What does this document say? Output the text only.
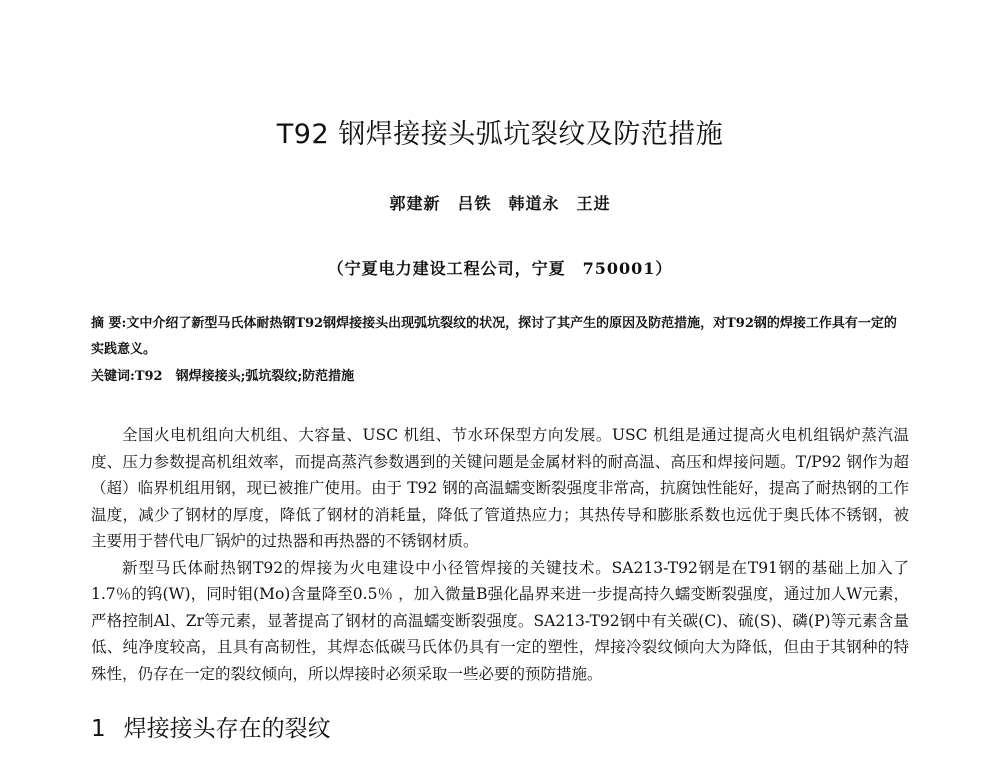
T92 钢焊接接头弧坑裂纹及防范措施
郭建新　吕铁　韩道永　王进
（宁夏电力建设工程公司，宁夏　750001）

摘 要:文中介绍了新型马氏体耐热钢T92钢焊接接头出现弧坑裂纹的状况，探讨了其产生的原因及防范措施，对T92钢的焊接工作具有一定的实践意义。

关键词:T92　钢焊接接头;弧坑裂纹;防范措施

全国火电机组向大机组、大容量、USC 机组、节水环保型方向发展。USC 机组是通过提高火电机组锅炉蒸汽温度、压力参数提高机组效率，而提高蒸汽参数遇到的关键问题是金属材料的耐高温、高压和焊接问题。T/P92 钢作为超（超）临界机组用钢，现已被推广使用。由于 T92 钢的高温蠕变断裂强度非常高，抗腐蚀性能好，提高了耐热钢的工作温度，减少了钢材的厚度，降低了钢材的消耗量，降低了管道热应力；其热传导和膨胀系数也远优于奥氏体不锈钢，被主要用于替代电厂锅炉的过热器和再热器的不锈钢材质。

新型马氏体耐热钢T92的焊接为火电建设中小径管焊接的关键技术。SA213-T92钢是在T91钢的基础上加入了1.7％的钨(W)，同时钼(Mo)含量降至0.5％ ，加入微量B强化晶界来进一步提高持久蠕变断裂强度，通过加人W元素，严格控制Al、Zr等元素，显著提高了钢材的高温蠕变断裂强度。SA213-T92钢中有关碳(C)、硫(S)、磷(P)等元素含量低、纯净度较高，且具有高韧性，其焊态低碳马氏体仍具有一定的塑性，焊接冷裂纹倾向大为降低，但由于其钢种的特殊性，仍存在一定的裂纹倾向，所以焊接时必须采取一些必要的预防措施。

1 焊接接头存在的裂纹
